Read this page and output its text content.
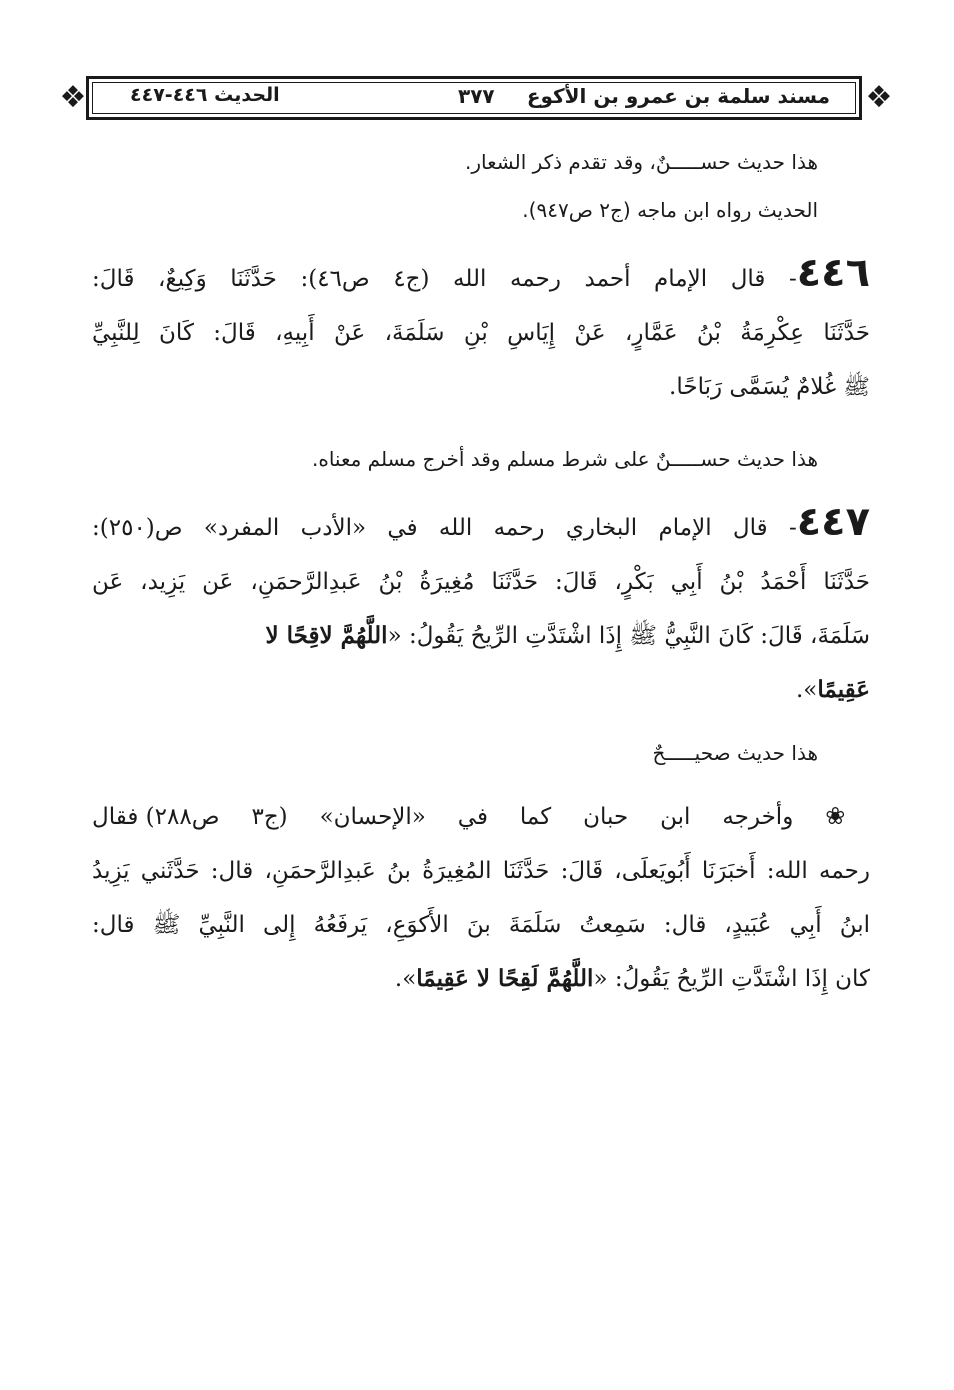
❖	❖
مسند سلمة بن عمرو بن الأكوع
٣٧٧
الحديث ٤٤٦-٤٤٧
هذا حديث حســـــنٌ، وقد تقدم ذكر الشعار.
الحديث رواه ابن ماجه (ج٢ ص٩٤٧).
٤٤٦- قال الإمام أحمد رحمه الله (ج٤ ص٤٦): حَدَّثَنَا وَكِيعٌ، قَالَ:
حَدَّثَنَا عِكْرِمَةُ بْنُ عَمَّارٍ، عَنْ إِيَاسِ بْنِ سَلَمَةَ، عَنْ أَبِيهِ، قَالَ: كَانَ لِلنَّبِيِّ
ﷺ غُلامٌ يُسَمَّى رَبَاحًا.
هذا حديث حســـــنٌ على شرط مسلم وقد أخرج مسلم معناه.
٤٤٧- قال الإمام البخاري رحمه الله في «الأدب المفرد» ص(٢٥٠):
حَدَّثَنَا أَحْمَدُ بْنُ أَبِي بَكْرٍ، قَالَ: حَدَّثَنَا مُغِيرَةُ بْنُ عَبدِالرَّحمَنِ، عَن يَزِيد، عَن
سَلَمَةَ، قَالَ: كَانَ النَّبِيُّ ﷺ إِذَا اشْتَدَّتِ الرِّيحُ يَقُولُ: «اللَّهُمَّ لاقِحًا لا
عَقِيمًا».
هذا حديث صحيـــــحٌ
❀ وأخرجه ابن حبان كما في «الإحسان» (ج٣ ص٢٨٨) فقال
رحمه الله: أَخبَرَنَا أَبُويَعلَى، قَالَ: حَدَّثَنَا المُغِيرَةُ بنُ عَبدِالرَّحمَنِ، قال: حَدَّثَني يَزِيدُ
ابنُ أَبِي عُبَيدٍ، قال: سَمِعتُ سَلَمَةَ بنَ الأَكوَعِ، يَرفَعُهُ إِلى النَّبِيِّ ﷺ قال:
كان إِذَا اشْتَدَّتِ الرِّيحُ يَقُولُ: «اللَّهُمَّ لَقِحًا لا عَقِيمًا».
